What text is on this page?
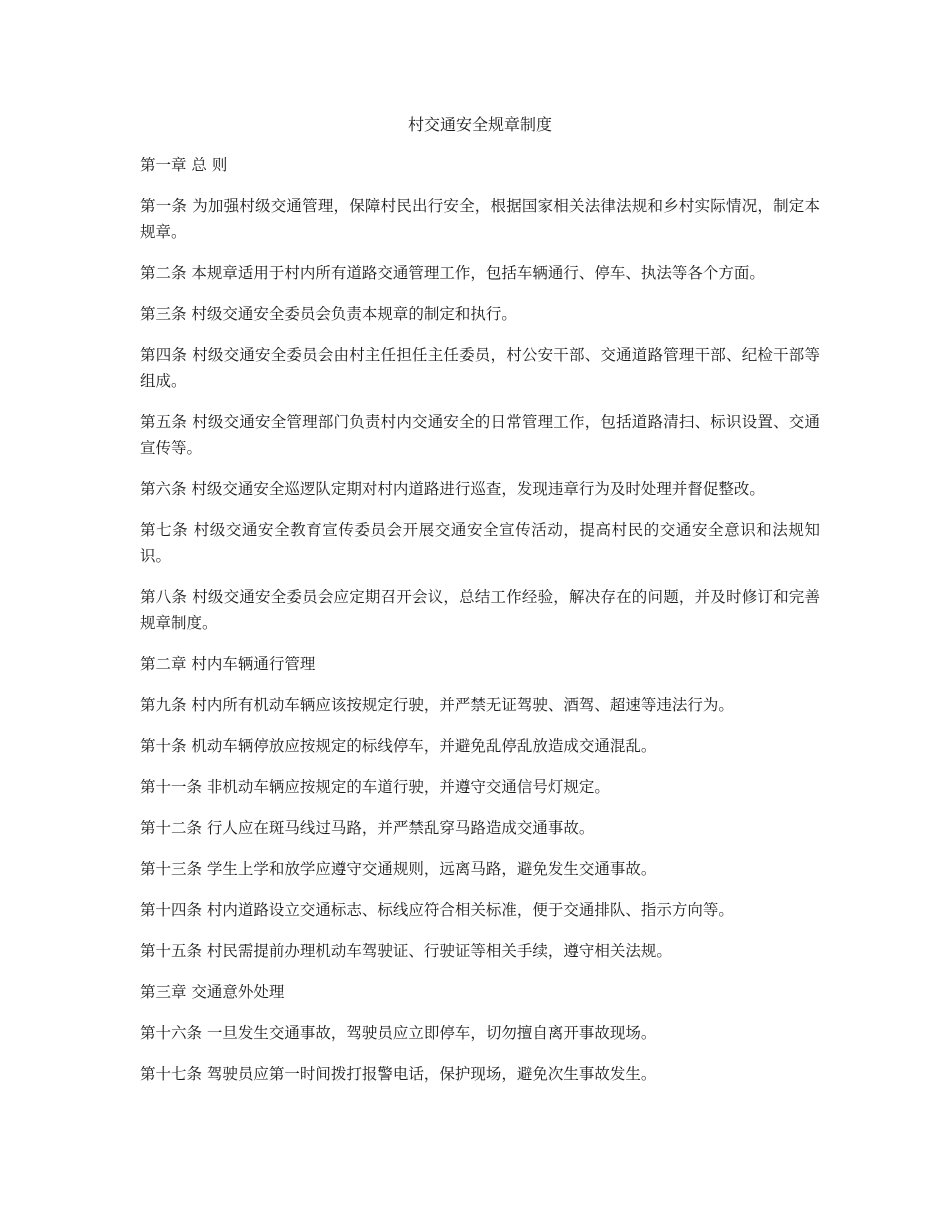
村交通安全规章制度

第一章 总 则

第一条 为加强村级交通管理，保障村民出行安全，根据国家相关法律法规和乡村实际情况，制定本规章。

第二条 本规章适用于村内所有道路交通管理工作，包括车辆通行、停车、执法等各个方面。

第三条 村级交通安全委员会负责本规章的制定和执行。

第四条 村级交通安全委员会由村主任担任主任委员，村公安干部、交通道路管理干部、纪检干部等组成。

第五条 村级交通安全管理部门负责村内交通安全的日常管理工作，包括道路清扫、标识设置、交通宣传等。

第六条 村级交通安全巡逻队定期对村内道路进行巡查，发现违章行为及时处理并督促整改。

第七条 村级交通安全教育宣传委员会开展交通安全宣传活动，提高村民的交通安全意识和法规知识。

第八条 村级交通安全委员会应定期召开会议，总结工作经验，解决存在的问题，并及时修订和完善规章制度。

第二章 村内车辆通行管理

第九条 村内所有机动车辆应该按规定行驶，并严禁无证驾驶、酒驾、超速等违法行为。

第十条 机动车辆停放应按规定的标线停车，并避免乱停乱放造成交通混乱。

第十一条 非机动车辆应按规定的车道行驶，并遵守交通信号灯规定。

第十二条 行人应在斑马线过马路，并严禁乱穿马路造成交通事故。

第十三条 学生上学和放学应遵守交通规则，远离马路，避免发生交通事故。

第十四条 村内道路设立交通标志、标线应符合相关标准，便于交通排队、指示方向等。

第十五条 村民需提前办理机动车驾驶证、行驶证等相关手续，遵守相关法规。

第三章 交通意外处理

第十六条 一旦发生交通事故，驾驶员应立即停车，切勿擅自离开事故现场。

第十七条 驾驶员应第一时间拨打报警电话，保护现场，避免次生事故发生。
